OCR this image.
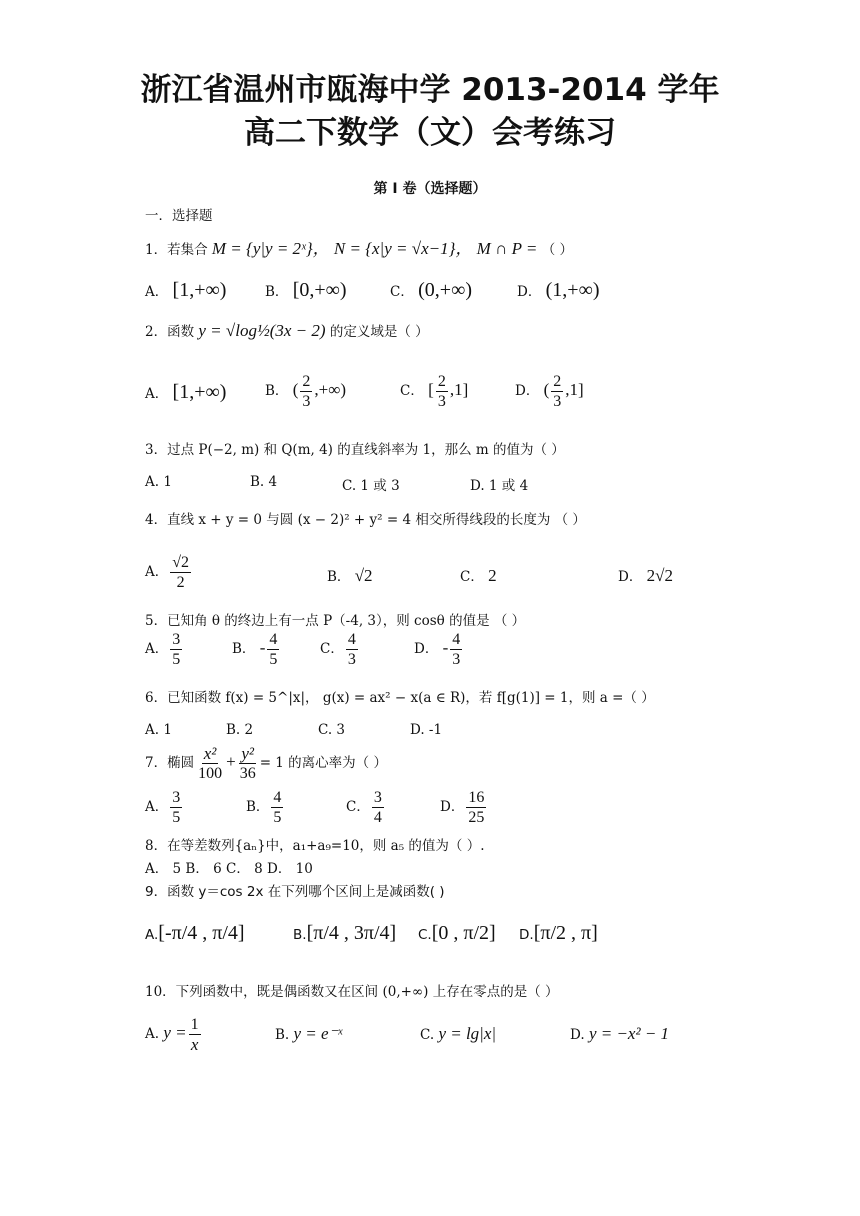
浙江省温州市瓯海中学 2013-2014 学年
高二下数学（文）会考练习
第 I 卷（选择题）
一．选择题
1．若集合 M = {y|y = 2ˣ}， N = {x|y = √x−1}， M ∩ P = （ ）
A． [1,+∞)	B． [0,+∞)	C． (0,+∞)	D． (1,+∞)
2．函数 y = √log½(3x − 2) 的定义域是（ ）
A． [1,+∞)	B． ( $\frac{2}{3}$ ,+∞)	C． [ $\frac{2}{3} ,1$]	D． ( $\frac{2}{3} ,1$]
3．过点 P(−2, m) 和 Q(m, 4) 的直线斜率为 1，那么 m 的值为（ ）
A. 1	B. 4	C. 1 或 3	D. 1 或 4
4．直线 x + y = 0 与圆 (x − 2)² + y² = 4 相交所得线段的长度为 （ ）
A． $\frac{√2}{2}$	B． √2	C． 2	D． 2√2
5．已知角 θ 的终边上有一点 P（-4, 3），则 cosθ 的值是 （ ）
A． $\frac{3}{5}$	B． - $\frac{4}{5}$	C． $\frac{4}{3}$	D． - $\frac{4}{3}$
6．已知函数 f(x) = 5^|x|， g(x) = ax² − x(a ∈ R)，若 f[g(1)] = 1，则 a =（ ）
A. 1	B. 2	C. 3	D. -1
7．椭圆 $\frac{\text{x²}}{100} + \frac{\text{y²}}{36} = 1$ 的离心率为（ ）
A． $\frac{3}{5}$	B． $\frac{4}{5}$	C． $\frac{3}{4}$	D． $\frac{16}{25}$
8．在等差数列{aₙ}中，a₁+a₉=10，则 a₅ 的值为（ ）.
A． 5 B． 6 C． 8 D． 10
9．函数 y＝cos 2x 在下列哪个区间上是减函数( )
A.[-π/4 , π/4]	B.[π/4 , 3π/4] C.[0 , π/2] D.[π/2 , π]
10．下列函数中，既是偶函数又在区间 (0,+∞) 上存在零点的是（ ）
A. $y = \frac{1}{x}$	B. y = e⁻ˣ	C. y = lg|x|	D. y = −x² − 1
